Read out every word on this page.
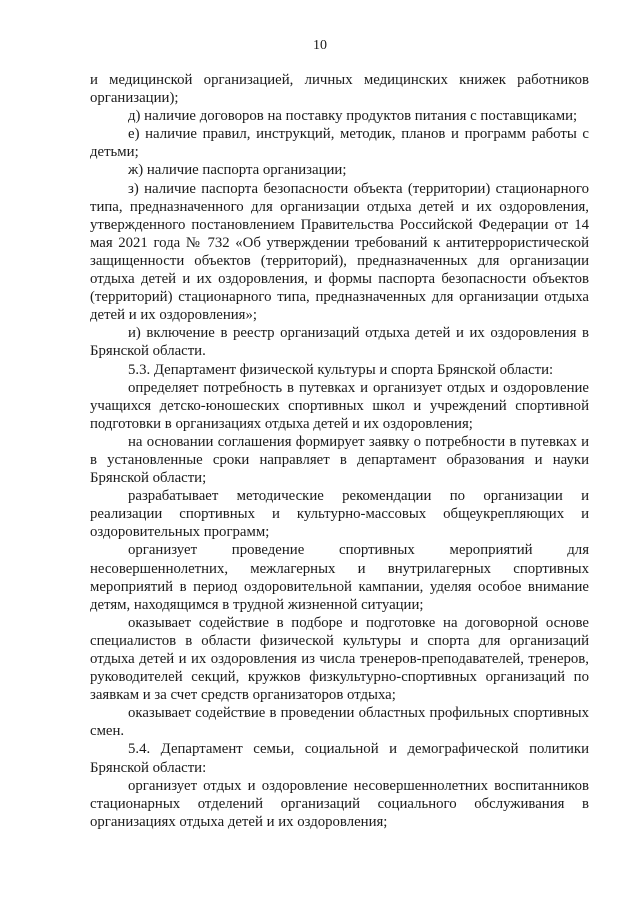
10

и медицинской организацией, личных медицинских книжек работников организации);

д) наличие договоров на поставку продуктов питания с поставщиками;

е) наличие правил, инструкций, методик, планов и программ работы с детьми;

ж) наличие паспорта организации;

з) наличие паспорта безопасности объекта (территории) стационарного типа, предназначенного для организации отдыха детей и их оздоровления, утвержденного постановлением Правительства Российской Федерации от 14 мая 2021 года № 732 «Об утверждении требований к антитеррористической защищенности объектов (территорий), предназначенных для организации отдыха детей и их оздоровления, и формы паспорта безопасности объектов (территорий) стационарного типа, предназначенных для организации отдыха детей и их оздоровления»;

и) включение в реестр организаций отдыха детей и их оздоровления в Брянской области.

5.3. Департамент физической культуры и спорта Брянской области:

определяет потребность в путевках и организует отдых и оздоровление учащихся детско-юношеских спортивных школ и учреждений спортивной подготовки в организациях отдыха детей и их оздоровления;

на основании соглашения формирует заявку о потребности в путевках и в установленные сроки направляет в департамент образования и науки Брянской области;

разрабатывает методические рекомендации по организации и реализации спортивных и культурно-массовых общеукрепляющих и оздоровительных программ;

организует проведение спортивных мероприятий для несовершеннолетних, межлагерных и внутрилагерных спортивных мероприятий в период оздоровительной кампании, уделяя особое внимание детям, находящимся в трудной жизненной ситуации;

оказывает содействие в подборе и подготовке на договорной основе специалистов в области физической культуры и спорта для организаций отдыха детей и их оздоровления из числа тренеров-преподавателей, тренеров, руководителей секций, кружков физкультурно-спортивных организаций по заявкам и за счет средств организаторов отдыха;

оказывает содействие в проведении областных профильных спортивных смен.

5.4. Департамент семьи, социальной и демографической политики Брянской области:

организует отдых и оздоровление несовершеннолетних воспитанников стационарных отделений организаций социального обслуживания в организациях отдыха детей и их оздоровления;
